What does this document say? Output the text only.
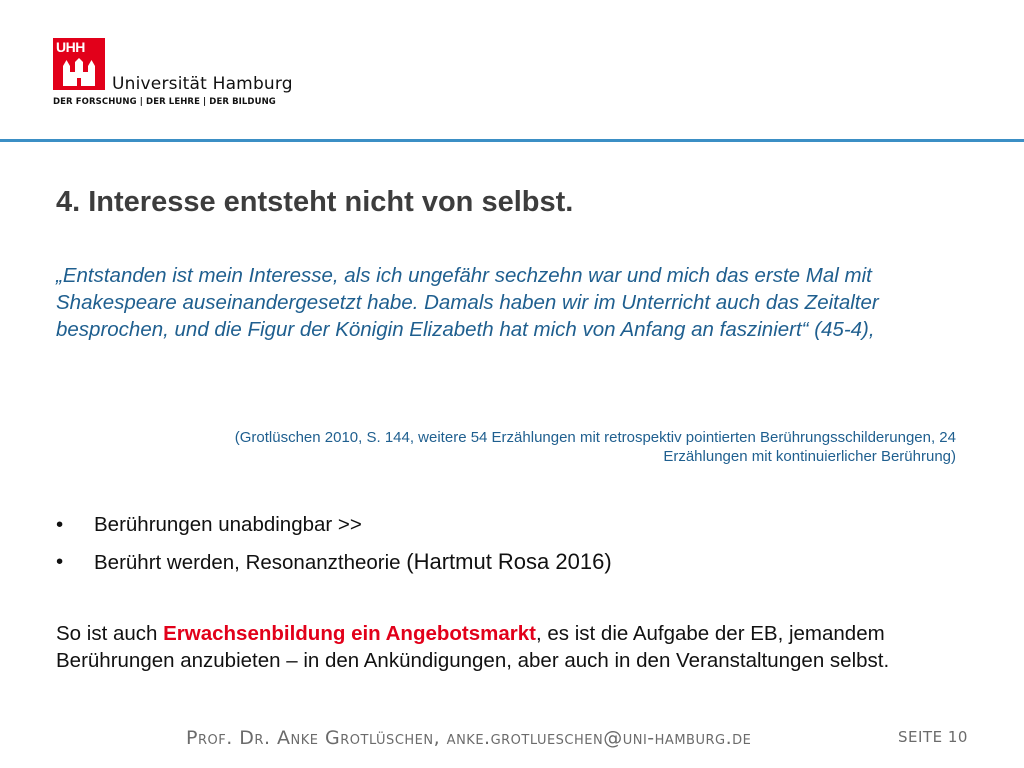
UHH
Universität Hamburg
DER FORSCHUNG | DER LEHRE | DER BILDUNG
4. Interesse entsteht nicht von selbst.
„Entstanden ist mein Interesse, als ich ungefähr sechzehn war und mich das erste Mal mit Shakespeare auseinandergesetzt habe. Damals haben wir im Unterricht auch das Zeitalter besprochen, und die Figur der Königin Elizabeth hat mich von Anfang an fasziniert“ (45-4),
(Grotlüschen 2010, S. 144, weitere 54 Erzählungen mit retrospektiv pointierten Berührungsschilderungen, 24
Erzählungen mit kontinuierlicher Berührung)
• Berührungen unabdingbar >>
• Berührt werden, Resonanztheorie (Hartmut Rosa 2016)
So ist auch Erwachsenbildung ein Angebotsmarkt, es ist die Aufgabe der EB, jemandem Berührungen anzubieten – in den Ankündigungen, aber auch in den Veranstaltungen selbst.
Prof. Dr. Anke Grotlüschen, anke.grotlueschen@uni-hamburg.de	SEITE 10
